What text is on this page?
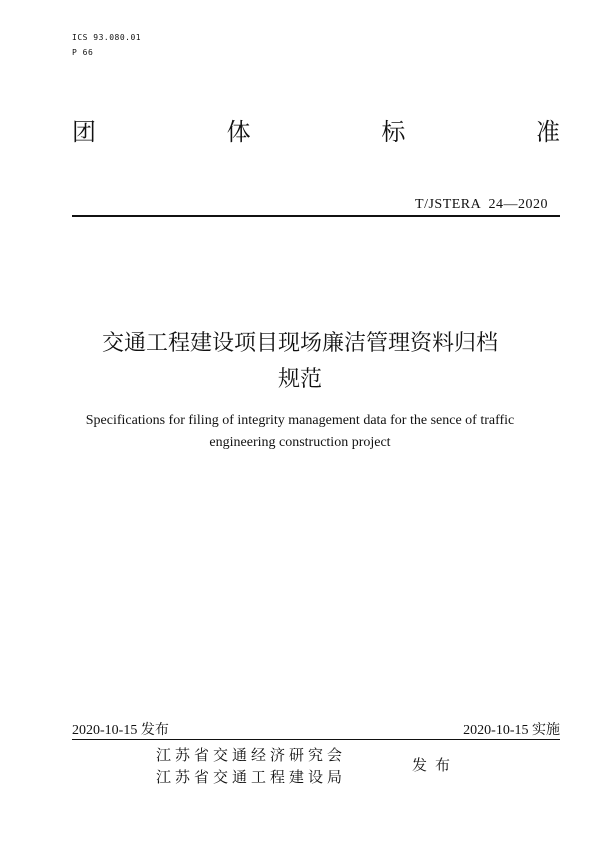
ICS 93.080.01
P 66
团	体	标	准
T/JSTERA  24—2020
交通工程建设项目现场廉洁管理资料归档
规范
Specifications for filing of integrity management data for the sence of traffic
engineering construction project
2020-10-15 发布	2020-10-15 实施
江苏省交通经济研究会
江苏省交通工程建设局
发布
